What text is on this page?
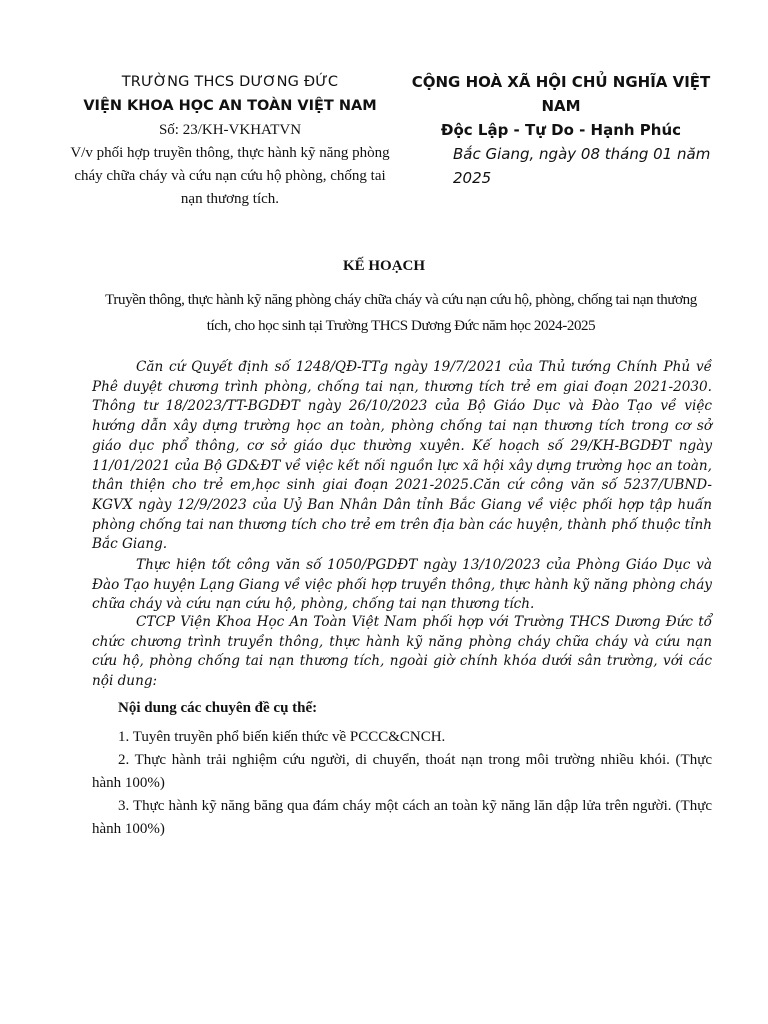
TRƯỜNG THCS DƯƠNG ĐỨC
VIỆN KHOA HỌC AN TOÀN VIỆT NAM
Số: 23/KH-VKHATVN
V/v phối hợp truyền thông, thực hành kỹ năng phòng cháy chữa cháy và cứu nạn cứu hộ phòng, chống tai nạn thương tích.
CỘNG HOÀ XÃ HỘI CHỦ NGHĨA VIỆT NAM
Độc Lập - Tự Do - Hạnh Phúc
Bắc Giang, ngày 08 tháng 01 năm 2025
KẾ HOẠCH
Truyền thông, thực hành kỹ năng phòng cháy chữa cháy và cứu nạn cứu hộ, phòng, chống tai nạn thương tích, cho học sinh tại Trường THCS Dương Đức năm học 2024-2025
Căn cứ Quyết định số 1248/QĐ-TTg ngày 19/7/2021 của Thủ tướng Chính Phủ về Phê duyệt chương trình phòng, chống tai nạn, thương tích trẻ em giai đoạn 2021-2030. Thông tư 18/2023/TT-BGDĐT ngày 26/10/2023 của Bộ Giáo Dục và Đào Tạo về việc hướng dẫn xây dựng trường học an toàn, phòng chống tai nạn thương tích trong cơ sở giáo dục phổ thông, cơ sở giáo dục thường xuyên. Kế hoạch số 29/KH-BGDĐT ngày 11/01/2021 của Bộ GD&ĐT về việc kết nối nguồn lực xã hội xây dựng trường học an toàn, thân thiện cho trẻ em,học sinh giai đoạn 2021-2025.Căn cứ công văn số 5237/UBND-KGVX ngày 12/9/2023 của Uỷ Ban Nhân Dân tỉnh Bắc Giang về việc phối hợp tập huấn phòng chống tai nan thương tích cho trẻ em trên địa bàn các huyện, thành phố thuộc tỉnh Bắc Giang.
Thực hiện tốt công văn số 1050/PGDĐT ngày 13/10/2023 của Phòng Giáo Dục và Đào Tạo huyện Lạng Giang về việc phối hợp truyền thông, thực hành kỹ năng phòng cháy chữa cháy và cứu nạn cứu hộ, phòng, chống tai nạn thương tích.
CTCP Viện Khoa Học An Toàn Việt Nam phối hợp với Trường THCS Dương Đức tổ chức chương trình truyền thông, thực hành kỹ năng phòng cháy chữa cháy và cứu nạn cứu hộ, phòng chống tai nạn thương tích, ngoài giờ chính khóa dưới sân trường, với các nội dung:
Nội dung các chuyên đề cụ thể:
1. Tuyên truyền phổ biến kiến thức về PCCC&CNCH.
2. Thực hành trải nghiệm cứu người, di chuyển, thoát nạn trong môi trường nhiều khói. (Thực hành 100%)
3. Thực hành kỹ năng băng qua đám cháy một cách an toàn kỹ năng lăn dập lửa trên người. (Thực hành 100%)
